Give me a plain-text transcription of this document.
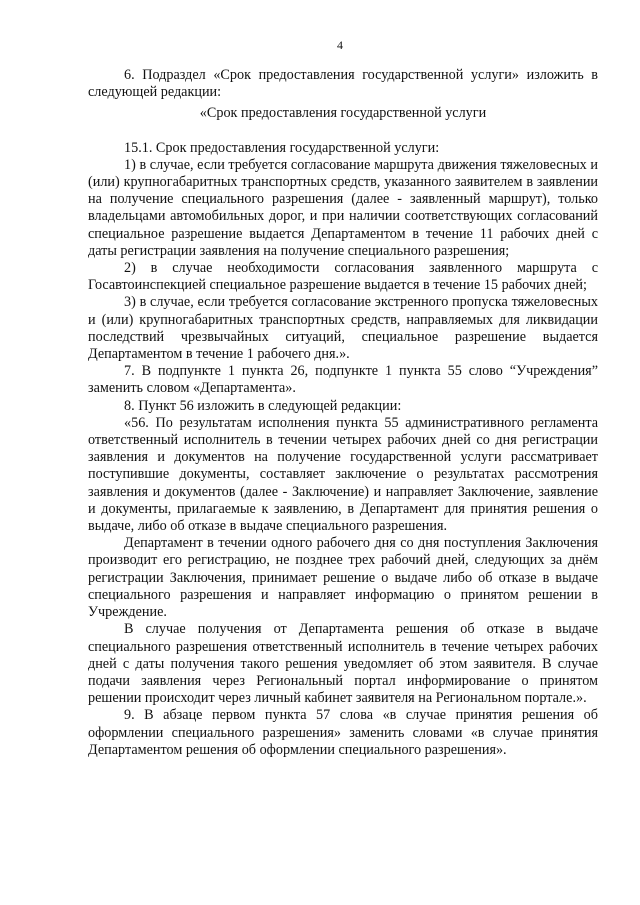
4

6. Подраздел «Срок предоставления государственной услуги» изложить в следующей редакции:

«Срок предоставления государственной услуги

15.1. Срок предоставления государственной услуги:

1) в случае, если требуется согласование маршрута движения тяжеловесных и (или) крупногабаритных транспортных средств, указанного заявителем в заявлении на получение специального разрешения (далее - заявленный маршрут), только владельцами автомобильных дорог, и при наличии соответствующих согласований специальное разрешение выдается Департаментом в течение 11 рабочих дней с даты регистрации заявления на получение специального разрешения;

2) в случае необходимости согласования заявленного маршрута с Госавтоинспекцией специальное разрешение выдается в течение 15 рабочих дней;

3) в случае, если требуется согласование экстренного пропуска тяжеловесных и (или) крупногабаритных транспортных средств, направляемых для ликвидации последствий чрезвычайных ситуаций, специальное разрешение выдается Департаментом в течение 1 рабочего дня.».

7. В подпункте 1 пункта 26, подпункте 1 пункта 55 слово “Учреждения” заменить словом «Департамента».

8. Пункт 56 изложить в следующей редакции:

«56. По результатам исполнения пункта 55 административного регламента ответственный исполнитель в течении четырех рабочих дней со дня регистрации заявления и документов на получение государственной услуги рассматривает поступившие документы, составляет заключение о результатах рассмотрения заявления и документов (далее - Заключение) и направляет Заключение, заявление и документы, прилагаемые к заявлению, в Департамент для принятия решения о выдаче, либо об отказе в выдаче специального разрешения.

Департамент в течении одного рабочего дня со дня поступления Заключения производит его регистрацию, не позднее трех рабочий дней, следующих за днём регистрации Заключения, принимает решение о выдаче либо об отказе в выдаче специального разрешения и направляет информацию о принятом решении в Учреждение.

В случае получения от Департамента решения об отказе в выдаче специального разрешения ответственный исполнитель в течение четырех рабочих дней с даты получения такого решения уведомляет об этом заявителя. В случае подачи заявления через Региональный портал информирование о принятом решении происходит через личный кабинет заявителя на Региональном портале.».

9. В абзаце первом пункта 57 слова «в случае принятия решения об оформлении специального разрешения» заменить словами «в случае принятия Департаментом решения об оформлении специального разрешения».
